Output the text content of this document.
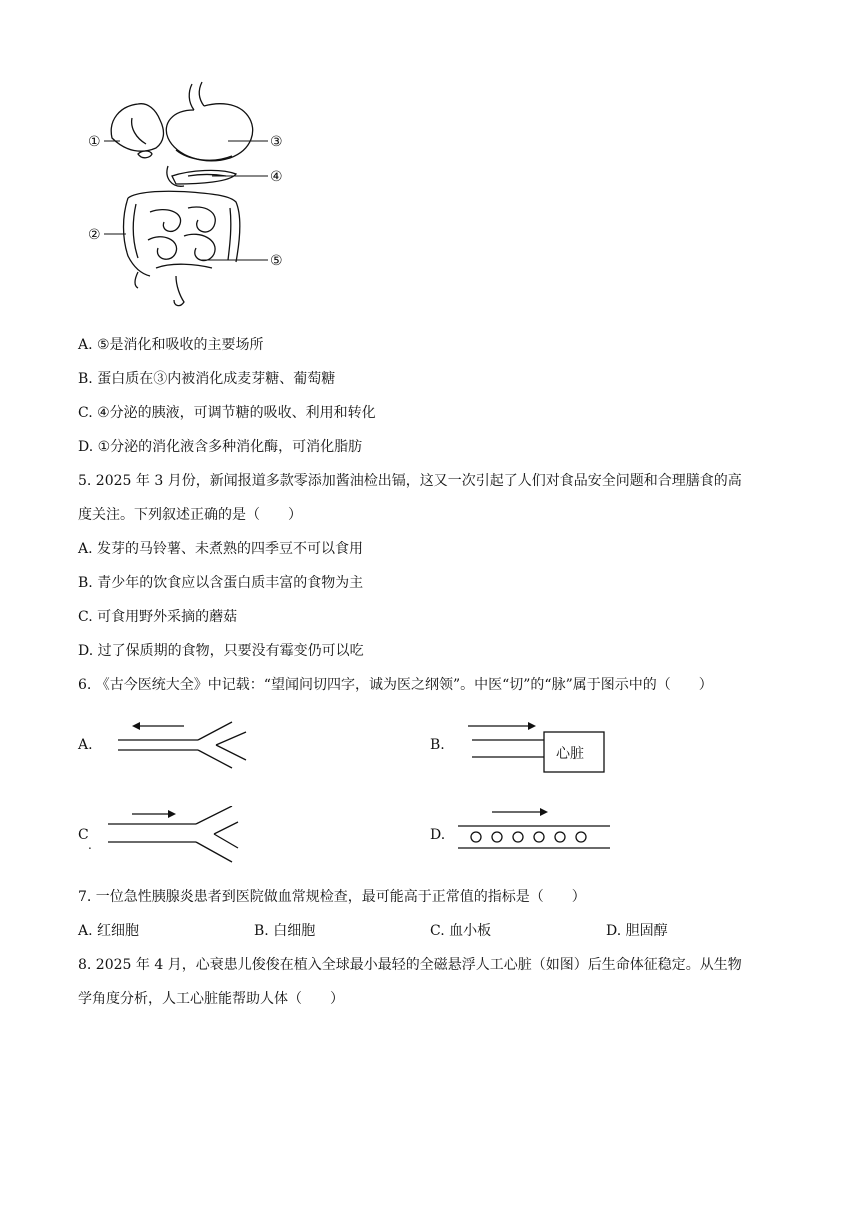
①
②
③
④
⑤
A. ⑤是消化和吸收的主要场所
B. 蛋白质在③内被消化成麦芽糖、葡萄糖
C. ④分泌的胰液，可调节糖的吸收、利用和转化
D. ①分泌的消化液含多种消化酶，可消化脂肪
5. 2025 年 3 月份，新闻报道多款零添加酱油检出镉，这又一次引起了人们对食品安全问题和合理膳食的高
度关注。下列叙述正确的是（　　）
A. 发芽的马铃薯、未煮熟的四季豆不可以食用
B. 青少年的饮食应以含蛋白质丰富的食物为主
C. 可食用野外采摘的蘑菇
D. 过了保质期的食物，只要没有霉变仍可以吃
6. 《古今医统大全》中记载：“望闻问切四字，诚为医之纲领”。中医“切”的“脉”属于图示中的（　　）
A.	B.
心脏
C
.
D.
7. 一位急性胰腺炎患者到医院做血常规检查，最可能高于正常值的指标是（　　）
A. 红细胞	B. 白细胞	C. 血小板	D. 胆固醇
8. 2025 年 4 月，心衰患儿俊俊在植入全球最小最轻的全磁悬浮人工心脏（如图）后生命体征稳定。从生物
学角度分析，人工心脏能帮助人体（　　）
